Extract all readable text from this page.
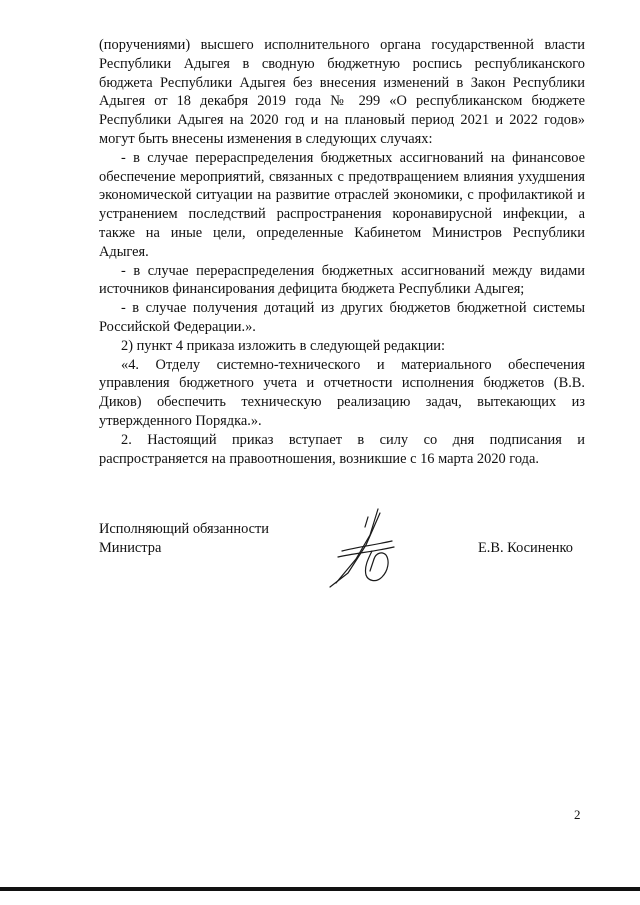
(поручениями) высшего исполнительного органа государственной власти Республики Адыгея в сводную бюджетную роспись республиканского бюджета Республики Адыгея без внесения изменений в Закон Республики Адыгея от 18 декабря 2019 года № 299 «О республиканском бюджете Республики Адыгея на 2020 год и на плановый период 2021 и 2022 годов» могут быть внесены изменения в следующих случаях:

- в случае перераспределения бюджетных ассигнований на финансовое обеспечение мероприятий, связанных с предотвращением влияния ухудшения экономической ситуации на развитие отраслей экономики, с профилактикой и устранением последствий распространения коронавирусной инфекции, а также на иные цели, определенные Кабинетом Министров Республики Адыгея.

- в случае перераспределения бюджетных ассигнований между видами источников финансирования дефицита бюджета Республики Адыгея;

- в случае получения дотаций из других бюджетов бюджетной системы Российской Федерации.».

2) пункт 4 приказа изложить в следующей редакции:

«4. Отделу системно-технического и материального обеспечения управления бюджетного учета и отчетности исполнения бюджетов (В.В. Диков) обеспечить техническую реализацию задач, вытекающих из утвержденного Порядка.».

2. Настоящий приказ вступает в силу со дня подписания и распространяется на правоотношения, возникшие с 16 марта 2020 года.

Исполняющий обязанности
Министра	Е.В. Косиненко

2
